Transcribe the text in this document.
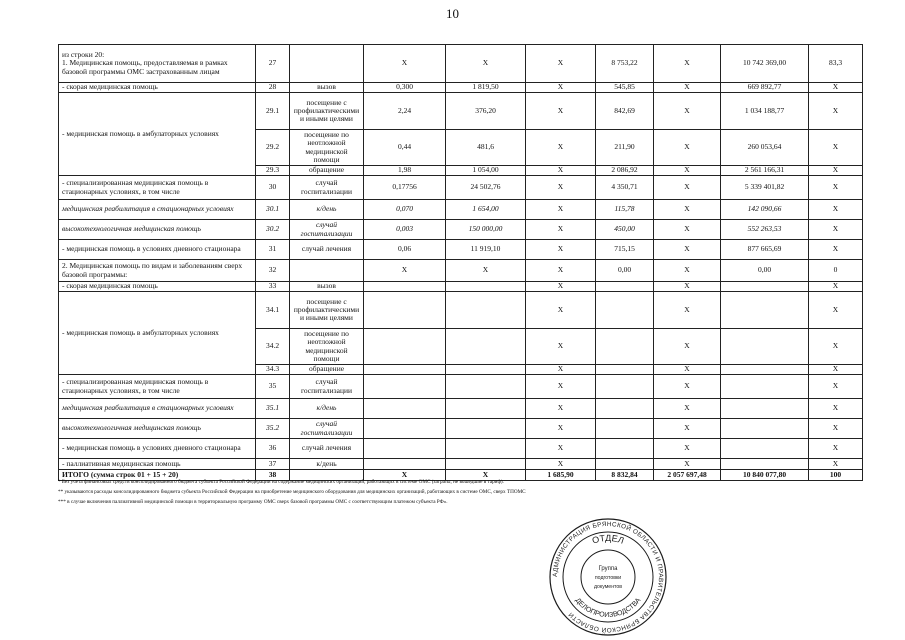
10
из строки 20:
1. Медицинская помощь, предоставляемая в рамках базовой программы ОМС застрахованным лицам	27		X	X	X	8 753,22	X	10 742 369,00	83,3
- скорая медицинская помощь	28	вызов	0,300	1 819,50	X	545,85	X	669 892,77	X
- медицинская помощь в амбулаторных условиях	29.1	посещение с профилактическими и иными целями	2,24	376,20	X	842,69	X	1 034 188,77	X
	29.2	посещение по неотложной медицинской помощи	0,44	481,6	X	211,90	X	260 053,64	X
	29.3	обращение	1,98	1 054,00	X	2 086,92	X	2 561 166,31	X
- специализированная медицинская помощь в стационарных условиях, в том числе	30	случай госпитализации	0,17756	24 502,76	X	4 350,71	X	5 339 401,82	X
медицинская реабилитация в стационарных условиях	30.1	к/день	0,070	1 654,00	X	115,78	X	142 090,66	X
высокотехнологичная медицинская помощь	30.2	случай госпитализации	0,003	150 000,00	X	450,00	X	552 263,53	X
- медицинская помощь в условиях дневного стационара	31	случай лечения	0,06	11 919,10	X	715,15	X	877 665,69	X
2. Медицинская помощь по видам и заболеваниям сверх базовой программы:	32		X	X	X	0,00	X	0,00	0
- скорая медицинская помощь	33	вызов			X		X		X
- медицинская помощь в амбулаторных условиях	34.1	посещение с профилактическими и иными целями			X		X		X
	34.2	посещение по неотложной медицинской помощи			X		X		X
	34.3	обращение			X		X		X
- специализированная медицинская помощь в стационарных условиях, в том числе	35	случай госпитализации			X		X		X
медицинская реабилитация в стационарных условиях	35.1	к/день			X		X		X
высокотехнологичная медицинская помощь	35.2	случай госпитализации			X		X		X
- медицинская помощь в условиях дневного стационара	36	случай лечения			X		X		X
- паллиативная медицинская помощь	37	к/день			X		X		X
ИТОГО (сумма строк 01 + 15 + 20)	38		X	X	1 685,90	8 832,84	2 057 697,48	10 840 077,80	100
* Без учета финансовых средств консолидированного бюджета субъекта Российской Федерации на содержание медицинских организаций, работающих в системе ОМС (затраты, не вошедшие в тариф).
** указываются расходы консолидированного бюджета субъекта Российской Федерации на приобретение медицинского оборудования для медицинских организаций, работающих в системе ОМС, сверх ТПОМС
*** в случае включения паллиативной медицинской помощи в территориальную программу ОМС сверх базовой программы ОМС с соответствующим платежом субъекта РФ».
АДМИНИСТРАЦИЯ БРЯНСКОЙ ОБЛАСТИ И ПРАВИТЕЛЬСТВА БРЯНСКОЙ ОБЛАСТИ
ОТДЕЛ
ДЕЛОПРОИЗВОДСТВА
Группа
подготовки
документов
